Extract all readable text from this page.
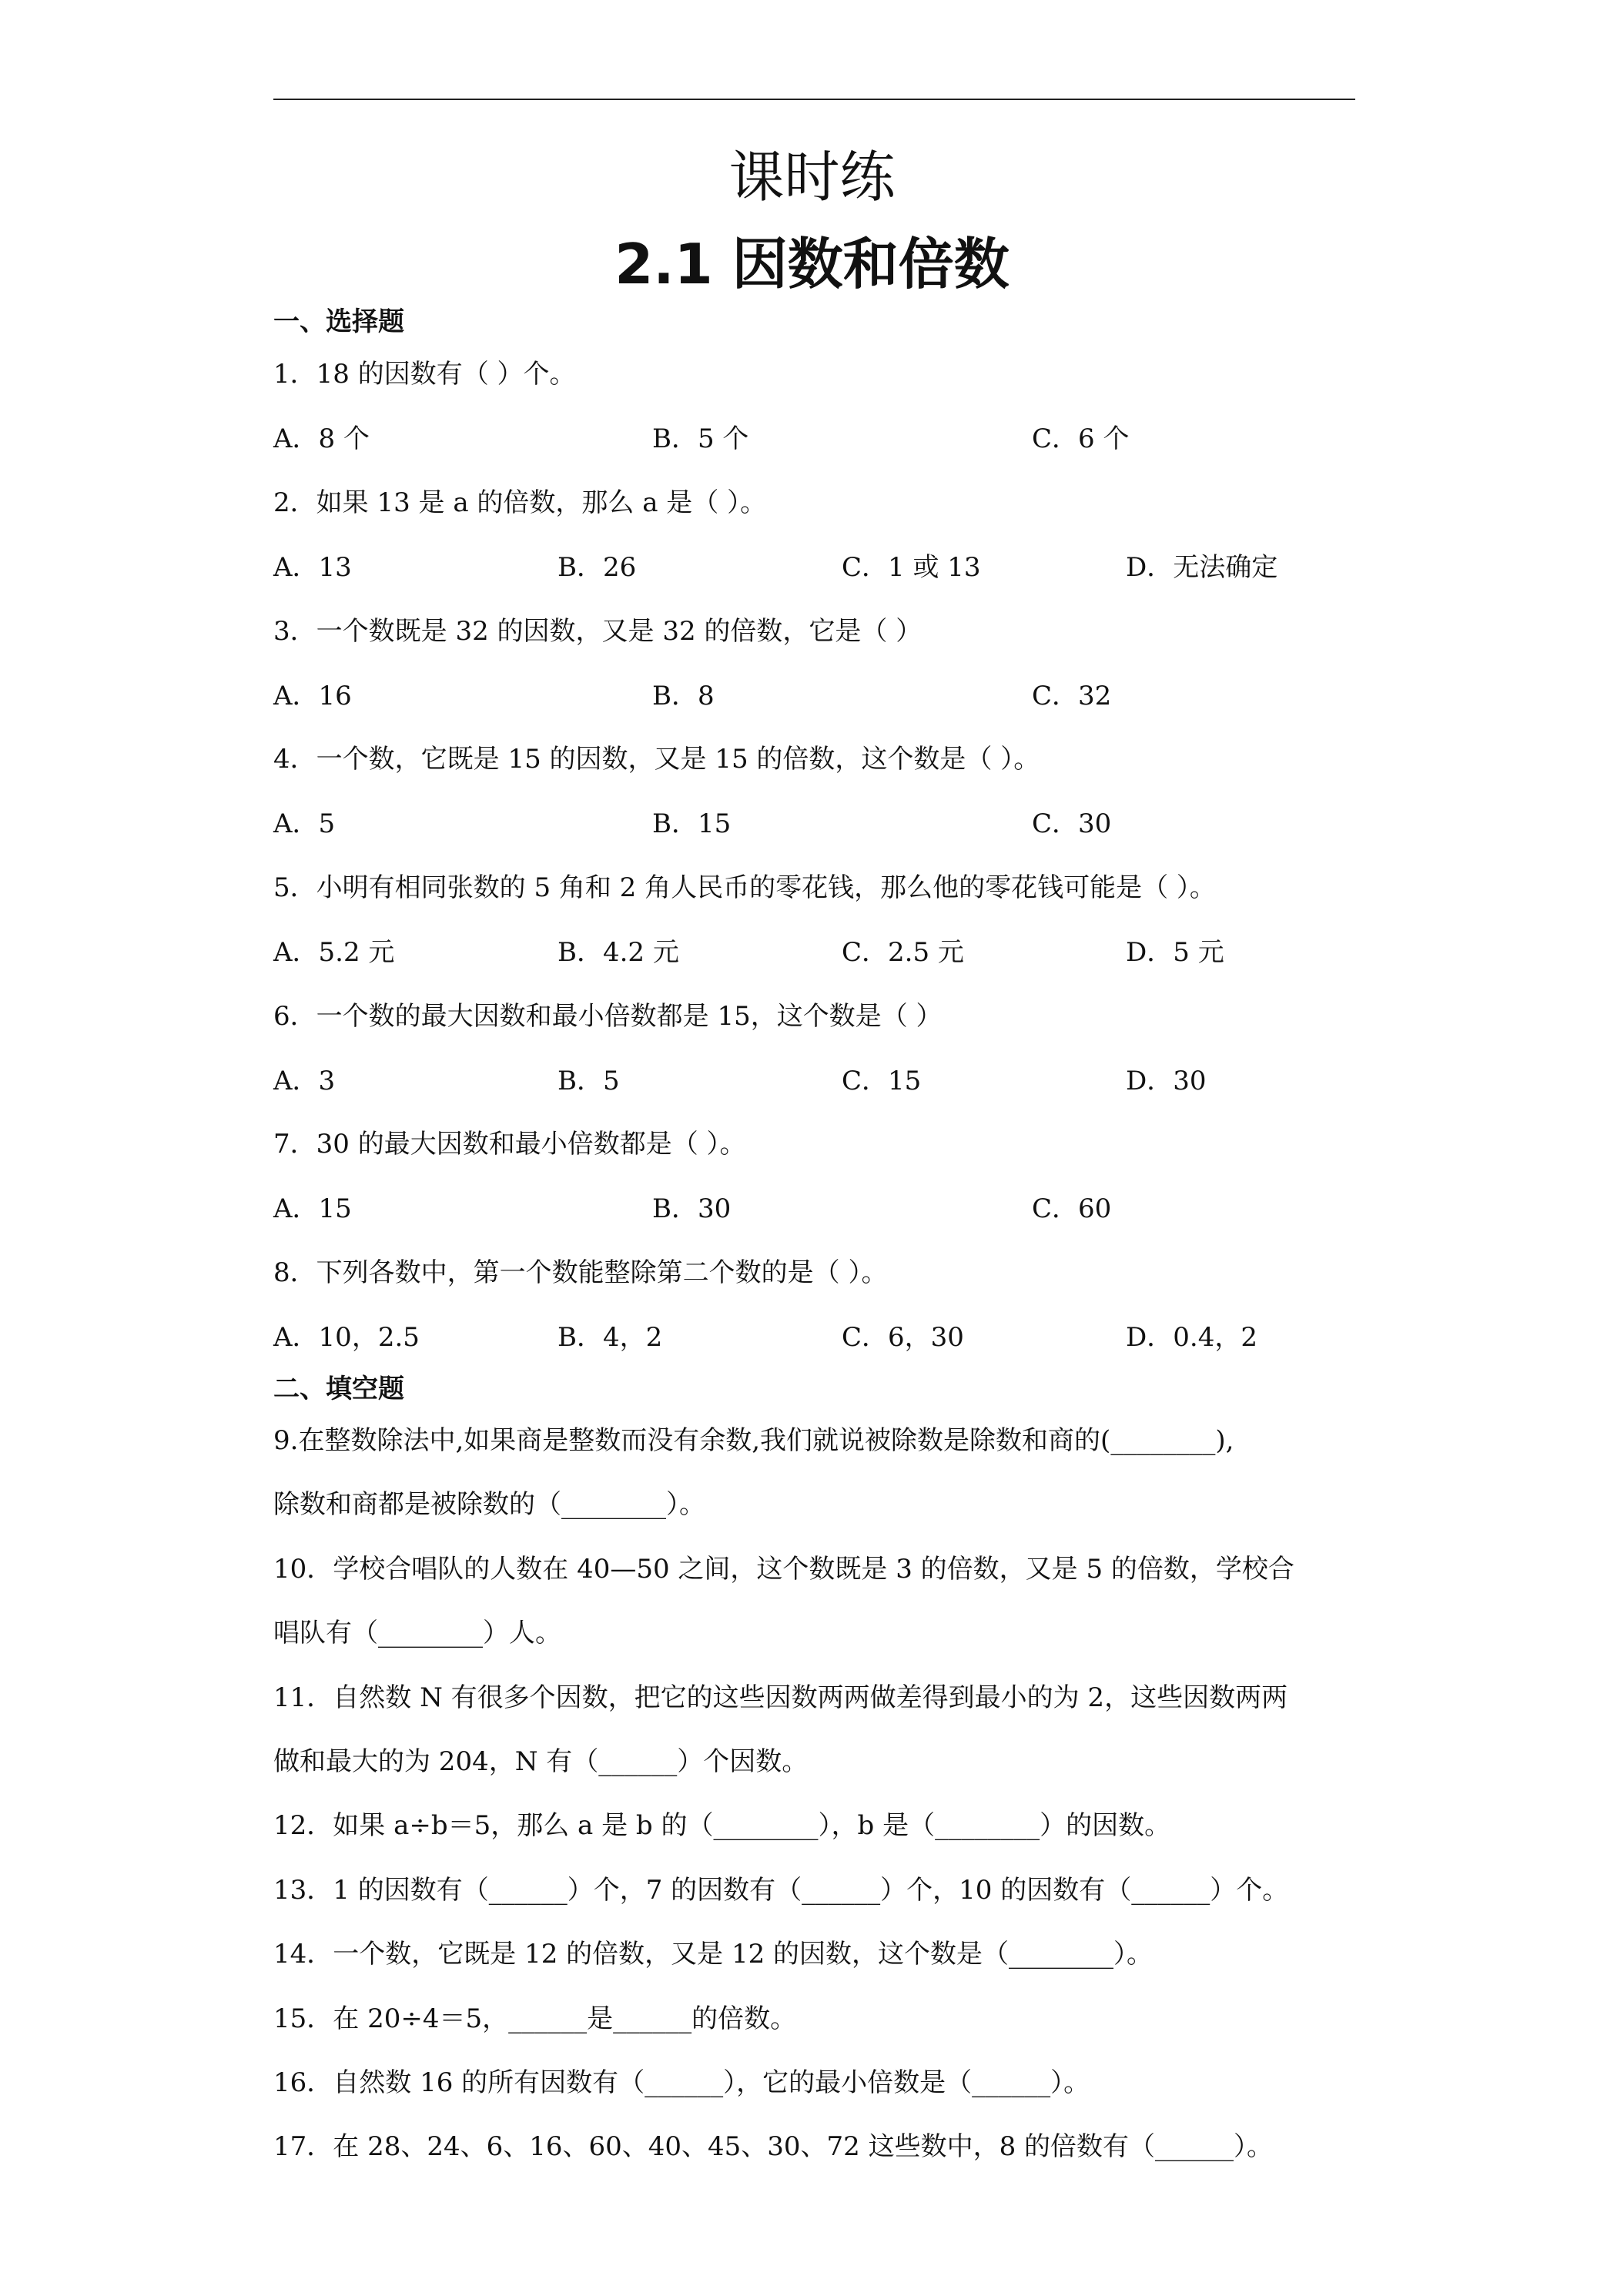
课时练
2.1 因数和倍数
一、选择题
1．18 的因数有（ ）个。
A．8 个	B．5 个	C．6 个
2．如果 13 是 a 的倍数，那么 a 是（ ）。
A．13	B．26	C．1 或 13	D．无法确定
3．一个数既是 32 的因数，又是 32 的倍数，它是（ ）
A．16	B．8	C．32
4．一个数，它既是 15 的因数，又是 15 的倍数，这个数是（ ）。
A．5	B．15	C．30
5．小明有相同张数的 5 角和 2 角人民币的零花钱，那么他的零花钱可能是（ ）。
A．5.2 元	B．4.2 元	C．2.5 元	D．5 元
6．一个数的最大因数和最小倍数都是 15，这个数是（ ）
A．3	B．5	C．15	D．30
7．30 的最大因数和最小倍数都是（ ）。
A．15	B．30	C．60
8．下列各数中，第一个数能整除第二个数的是（ ）。
A．10，2.5	B．4，2	C．6，30	D．0.4，2
二、填空题
9.在整数除法中,如果商是整数而没有余数,我们就说被除数是除数和商的(________),
除数和商都是被除数的（________）。
10．学校合唱队的人数在 40—50 之间，这个数既是 3 的倍数，又是 5 的倍数，学校合
唱队有（________）人。
11．自然数 N 有很多个因数，把它的这些因数两两做差得到最小的为 2，这些因数两两
做和最大的为 204，N 有（______）个因数。
12．如果 a÷b＝5，那么 a 是 b 的（________），b 是（________）的因数。
13．1 的因数有（______）个，7 的因数有（______）个，10 的因数有（______）个。
14．一个数，它既是 12 的倍数，又是 12 的因数，这个数是（________）。
15．在 20÷4＝5，______是______的倍数。
16．自然数 16 的所有因数有（______），它的最小倍数是（______）。
17．在 28、24、6、16、60、40、45、30、72 这些数中，8 的倍数有（______）。
